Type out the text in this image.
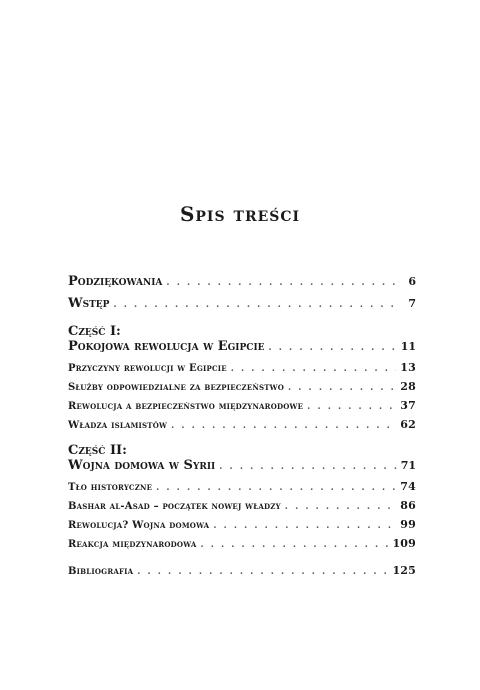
Spis treści
Podziękowania . . .	6
Wstęp . . .	7
Część I:
Pokojowa rewolucja w Egipcie . . .	11
Przyczyny rewolucji w Egipcie . . .	13
Służby odpowiedzialne za bezpieczeństwo . . .	28
Rewolucja a bezpieczeństwo międzynarodowe . . .	37
Władza islamistów . . .	62
Część II:
Wojna domowa w Syrii . . .	71
Tło historyczne . . .	74
Bashar al-Asad – początek nowej władzy . . .	86
Rewolucja? Wojna domowa . . .	99
Reakcja międzynarodowa . . .	109
Bibliografia . . .	125
